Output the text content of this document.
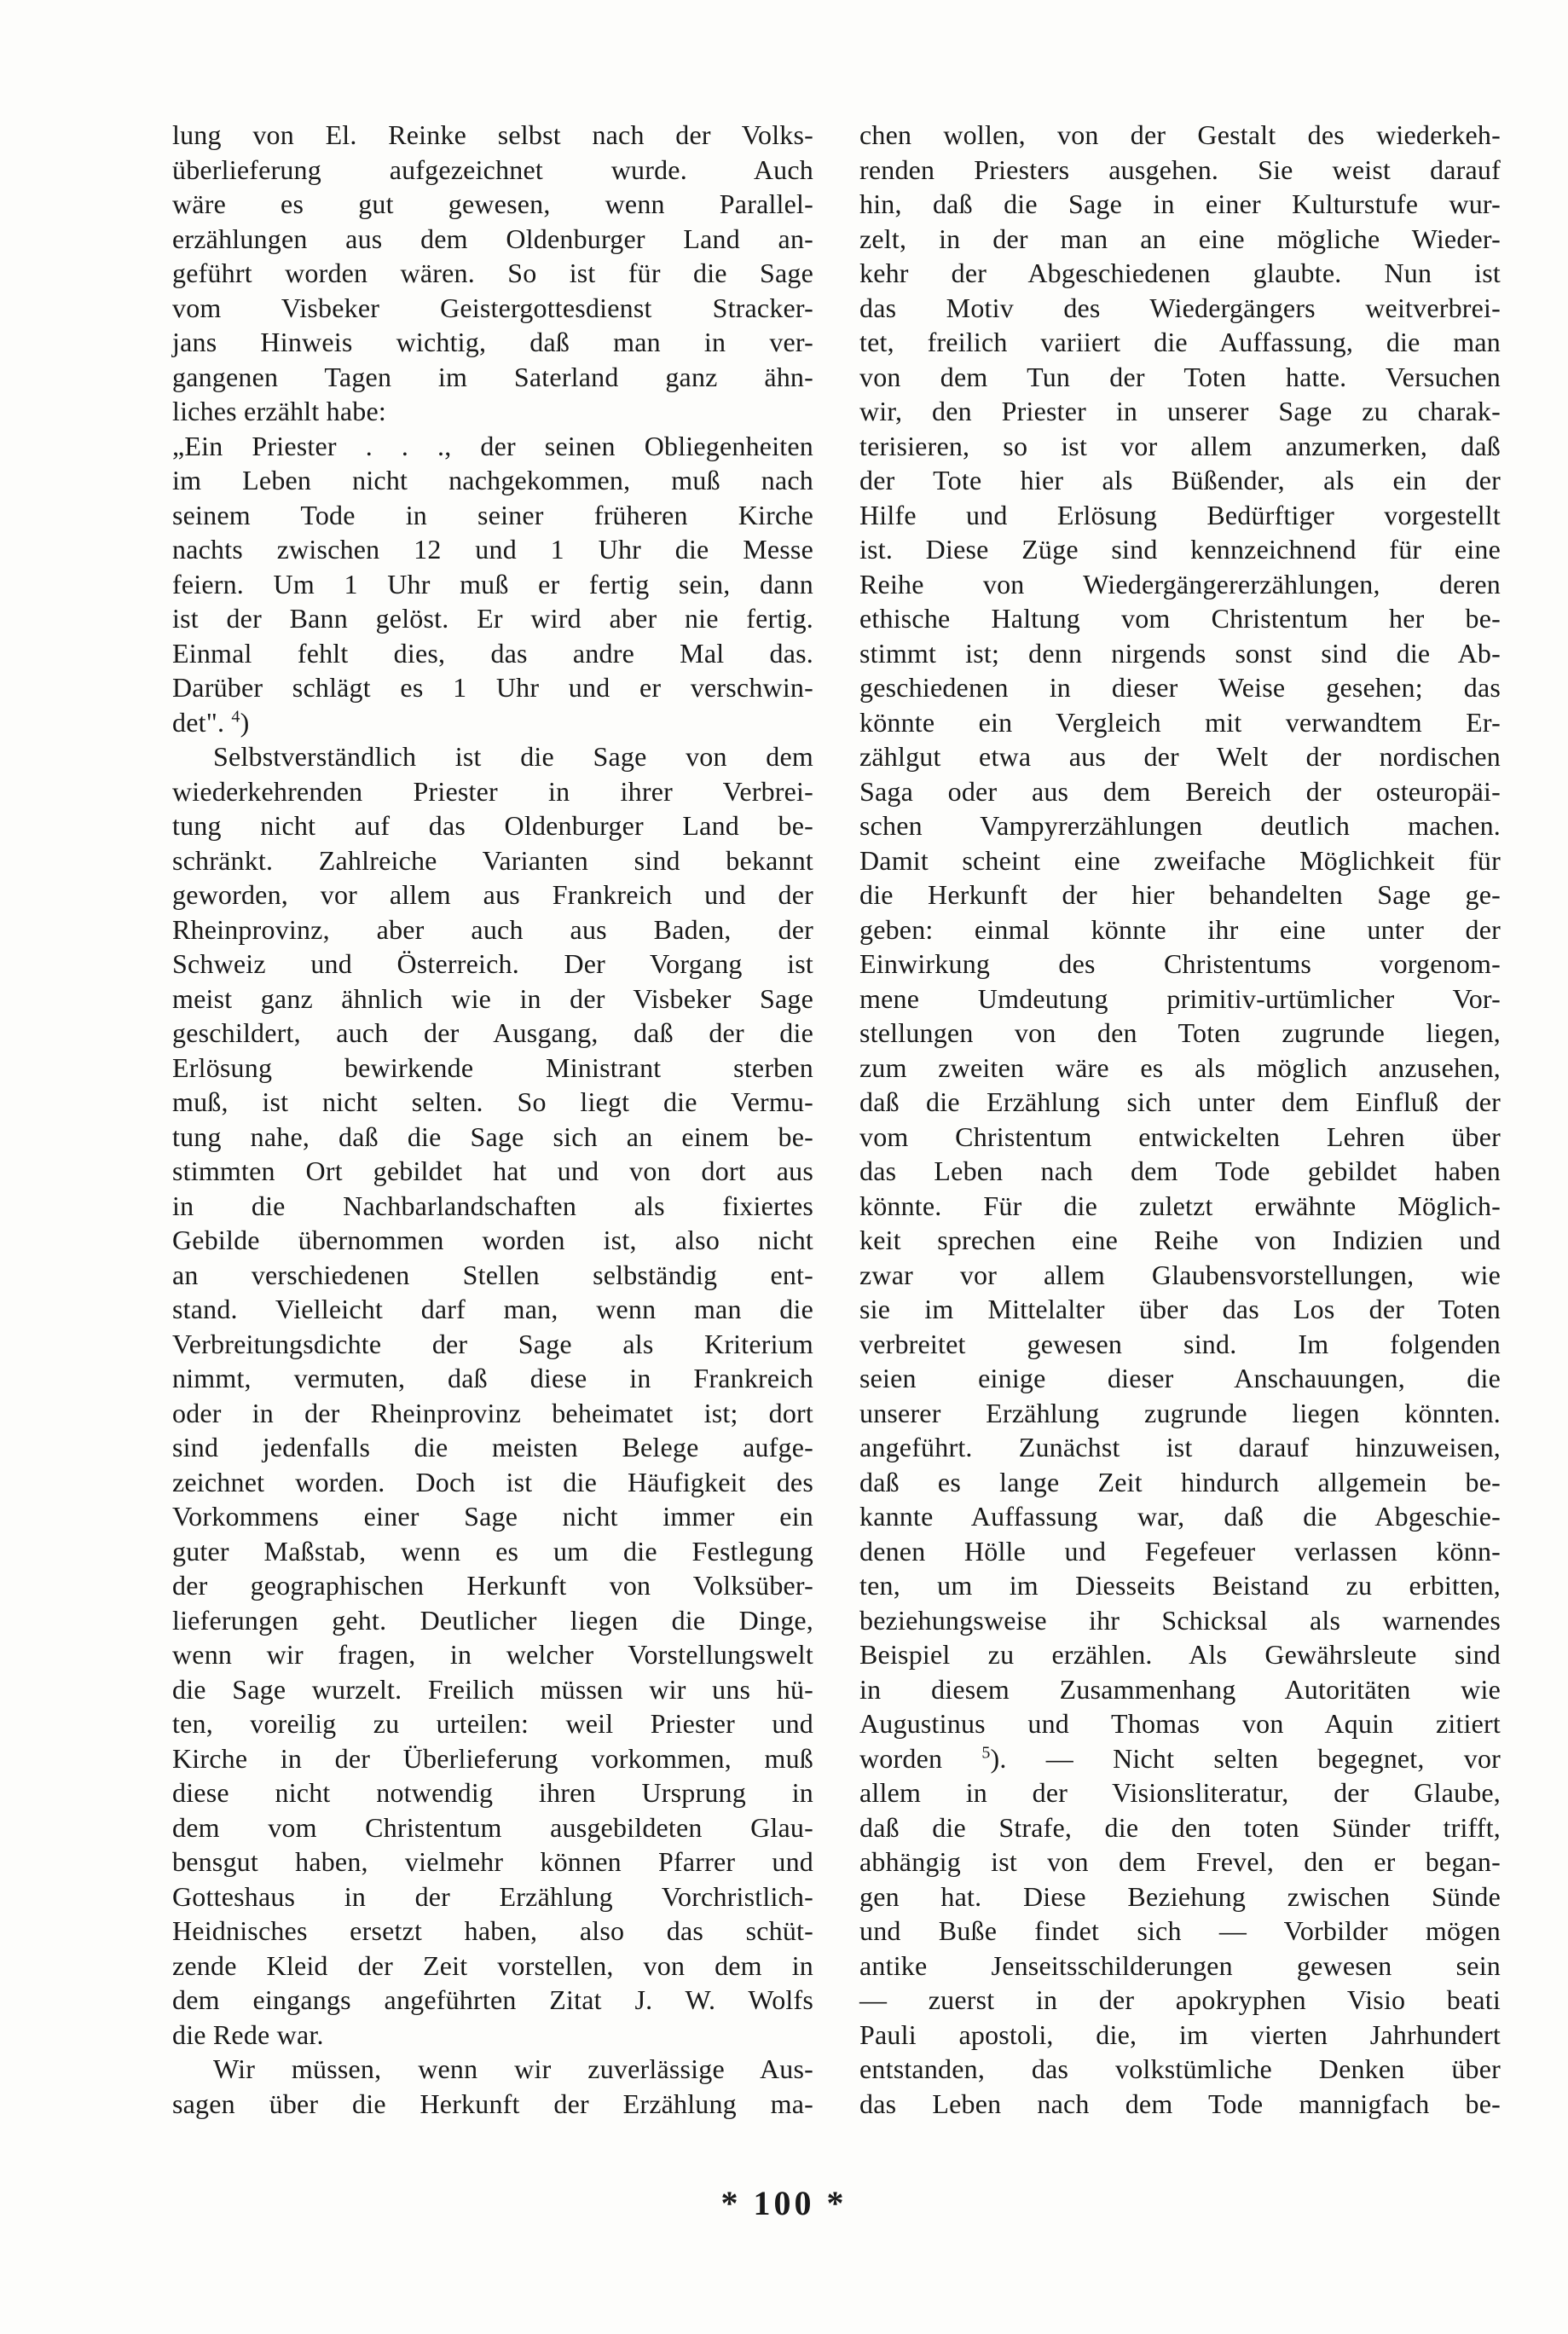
lung von El. Reinke selbst nach der Volks-
überlieferung aufgezeichnet wurde. Auch
wäre es gut gewesen, wenn Parallel-
erzählungen aus dem Oldenburger Land an-
geführt worden wären. So ist für die Sage
vom Visbeker Geistergottesdienst Stracker-
jans Hinweis wichtig, daß man in ver-
gangenen Tagen im Saterland ganz ähn-
liches erzählt habe:
„Ein Priester . . ., der seinen Obliegenheiten
im Leben nicht nachgekommen, muß nach
seinem Tode in seiner früheren Kirche
nachts zwischen 12 und 1 Uhr die Messe
feiern. Um 1 Uhr muß er fertig sein, dann
ist der Bann gelöst. Er wird aber nie fertig.
Einmal fehlt dies, das andre Mal das.
Darüber schlägt es 1 Uhr und er verschwin-
det". $^4$)
Selbstverständlich ist die Sage von dem
wiederkehrenden Priester in ihrer Verbrei-
tung nicht auf das Oldenburger Land be-
schränkt. Zahlreiche Varianten sind bekannt
geworden, vor allem aus Frankreich und der
Rheinprovinz, aber auch aus Baden, der
Schweiz und Österreich. Der Vorgang ist
meist ganz ähnlich wie in der Visbeker Sage
geschildert, auch der Ausgang, daß der die
Erlösung bewirkende Ministrant sterben
muß, ist nicht selten. So liegt die Vermu-
tung nahe, daß die Sage sich an einem be-
stimmten Ort gebildet hat und von dort aus
in die Nachbarlandschaften als fixiertes
Gebilde übernommen worden ist, also nicht
an verschiedenen Stellen selbständig ent-
stand. Vielleicht darf man, wenn man die
Verbreitungsdichte der Sage als Kriterium
nimmt, vermuten, daß diese in Frankreich
oder in der Rheinprovinz beheimatet ist; dort
sind jedenfalls die meisten Belege aufge-
zeichnet worden. Doch ist die Häufigkeit des
Vorkommens einer Sage nicht immer ein
guter Maßstab, wenn es um die Festlegung
der geographischen Herkunft von Volksüber-
lieferungen geht. Deutlicher liegen die Dinge,
wenn wir fragen, in welcher Vorstellungswelt
die Sage wurzelt. Freilich müssen wir uns hü-
ten, voreilig zu urteilen: weil Priester und
Kirche in der Überlieferung vorkommen, muß
diese nicht notwendig ihren Ursprung in
dem vom Christentum ausgebildeten Glau-
bensgut haben, vielmehr können Pfarrer und
Gotteshaus in der Erzählung Vorchristlich-
Heidnisches ersetzt haben, also das schüt-
zende Kleid der Zeit vorstellen, von dem in
dem eingangs angeführten Zitat J. W. Wolfs
die Rede war.
Wir müssen, wenn wir zuverlässige Aus-
sagen über die Herkunft der Erzählung ma-
chen wollen, von der Gestalt des wiederkeh-
renden Priesters ausgehen. Sie weist darauf
hin, daß die Sage in einer Kulturstufe wur-
zelt, in der man an eine mögliche Wieder-
kehr der Abgeschiedenen glaubte. Nun ist
das Motiv des Wiedergängers weitverbrei-
tet, freilich variiert die Auffassung, die man
von dem Tun der Toten hatte. Versuchen
wir, den Priester in unserer Sage zu charak-
terisieren, so ist vor allem anzumerken, daß
der Tote hier als Büßender, als ein der
Hilfe und Erlösung Bedürftiger vorgestellt
ist. Diese Züge sind kennzeichnend für eine
Reihe von Wiedergängererzählungen, deren
ethische Haltung vom Christentum her be-
stimmt ist; denn nirgends sonst sind die Ab-
geschiedenen in dieser Weise gesehen; das
könnte ein Vergleich mit verwandtem Er-
zählgut etwa aus der Welt der nordischen
Saga oder aus dem Bereich der osteuropäi-
schen Vampyrerzählungen deutlich machen.
Damit scheint eine zweifache Möglichkeit für
die Herkunft der hier behandelten Sage ge-
geben: einmal könnte ihr eine unter der
Einwirkung des Christentums vorgenom-
mene Umdeutung primitiv-urtümlicher Vor-
stellungen von den Toten zugrunde liegen,
zum zweiten wäre es als möglich anzusehen,
daß die Erzählung sich unter dem Einfluß der
vom Christentum entwickelten Lehren über
das Leben nach dem Tode gebildet haben
könnte. Für die zuletzt erwähnte Möglich-
keit sprechen eine Reihe von Indizien und
zwar vor allem Glaubensvorstellungen, wie
sie im Mittelalter über das Los der Toten
verbreitet gewesen sind. Im folgenden
seien einige dieser Anschauungen, die
unserer Erzählung zugrunde liegen könnten.
angeführt. Zunächst ist darauf hinzuweisen,
daß es lange Zeit hindurch allgemein be-
kannte Auffassung war, daß die Abgeschie-
denen Hölle und Fegefeuer verlassen könn-
ten, um im Diesseits Beistand zu erbitten,
beziehungsweise ihr Schicksal als warnendes
Beispiel zu erzählen. Als Gewährsleute sind
in diesem Zusammenhang Autoritäten wie
Augustinus und Thomas von Aquin zitiert
worden $^5$). — Nicht selten begegnet, vor
allem in der Visionsliteratur, der Glaube,
daß die Strafe, die den toten Sünder trifft,
abhängig ist von dem Frevel, den er began-
gen hat. Diese Beziehung zwischen Sünde
und Buße findet sich — Vorbilder mögen
antike Jenseitsschilderungen gewesen sein
— zuerst in der apokryphen Visio beati
Pauli apostoli, die, im vierten Jahrhundert
entstanden, das volkstümliche Denken über
das Leben nach dem Tode mannigfach be-
* 100 *
